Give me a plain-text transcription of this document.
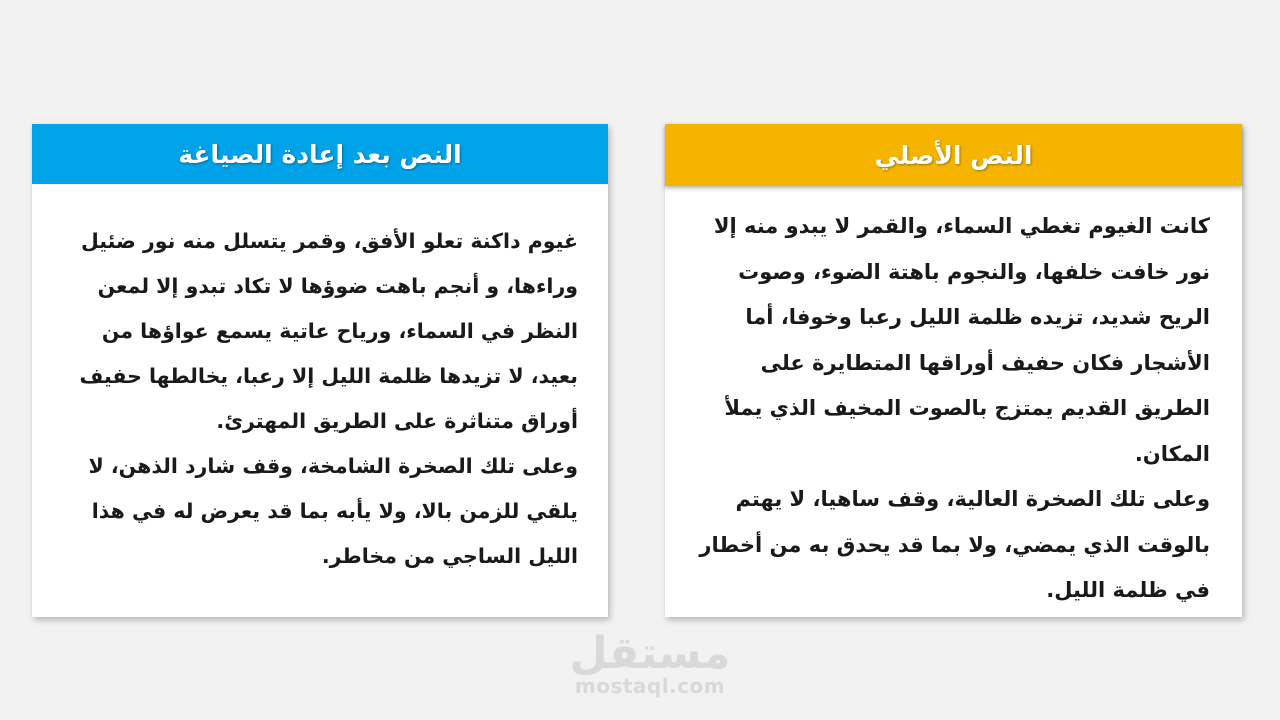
النص بعد إعادة الصياغة

غيوم داكنة تعلو الأفق، وقمر يتسلل منه نور ضئيل وراءها، و أنجم باهت ضوؤها لا تكاد تبدو إلا لمعن النظر في السماء، ورياح عاتية يسمع عواؤها من بعيد، لا تزيدها ظلمة الليل إلا رعبا، يخالطها حفيف أوراق متناثرة على الطريق المهترئ.

وعلى تلك الصخرة الشامخة، وقف شارد الذهن، لا يلقي للزمن بالا، ولا يأبه بما قد يعرض له في هذا الليل الساجي من مخاطر.

النص الأصلي

كانت الغيوم تغطي السماء، والقمر لا يبدو منه إلا نور خافت خلفها، والنجوم باهتة الضوء، وصوت الريح شديد، تزيده ظلمة الليل رعبا وخوفا، أما الأشجار فكان حفيف أوراقها المتطايرة على الطريق القديم يمتزج بالصوت المخيف الذي يملأ المكان.

وعلى تلك الصخرة العالية، وقف ساهيا، لا يهتم بالوقت الذي يمضي، ولا بما قد يحدق به من أخطار في ظلمة الليل.

مستقل
mostaql.com
